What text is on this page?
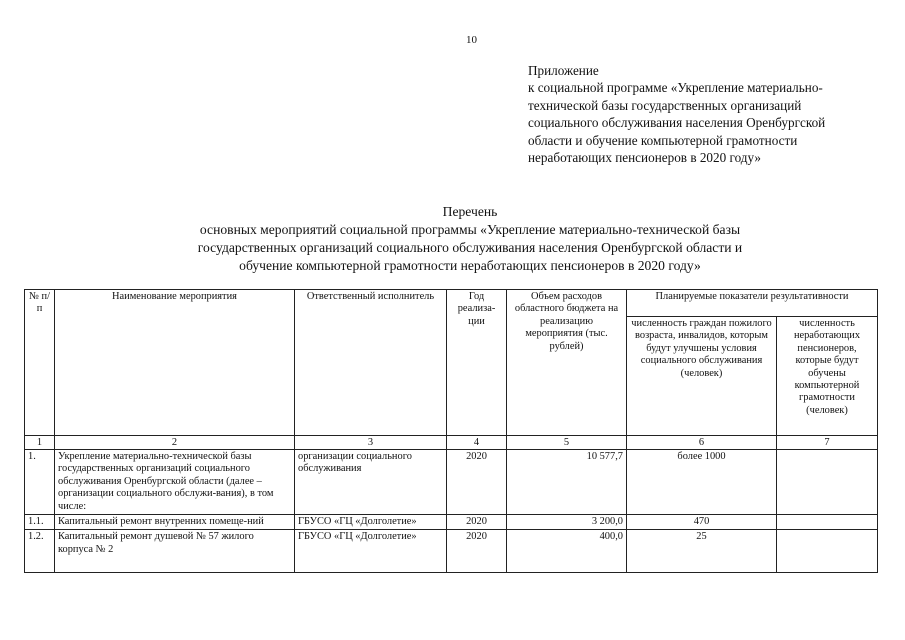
10
Приложение
к социальной программе «Укрепление материально-
технической базы государственных организаций
социального обслуживания населения Оренбургской
области и обучение компьютерной грамотности
неработающих пенсионеров в 2020 году»
Перечень
основных мероприятий социальной программы «Укрепление материально-технической базы
государственных организаций социального обслуживания населения Оренбургской области и
обучение компьютерной грамотности неработающих пенсионеров в 2020 году»
№ п/п	Наименование мероприятия	Ответственный исполнитель	Год реализа-ции	Объем расходов областного бюджета на реализацию мероприятия (тыс. рублей)	Планируемые показатели результативности	
					численность граждан пожилого возраста, инвалидов, которым будут улучшены условия социального обслуживания (человек)	численность неработающих пенсионеров, которые будут обучены компьютерной грамотности (человек)
1	2	3	4	5	6	7
1.	Укрепление материально-технической базы государственных организаций социального обслуживания Оренбургской области (далее – организации социального обслужи-вания), в том числе:	организации социального обслуживания	2020	10 577,7	более 1000	
1.1.	Капитальный ремонт внутренних помеще-ний	ГБУСО «ГЦ «Долголетие»	2020	3 200,0	470	
1.2.	Капитальный ремонт душевой № 57 жилого корпуса № 2	ГБУСО «ГЦ «Долголетие»	2020	400,0	25	
